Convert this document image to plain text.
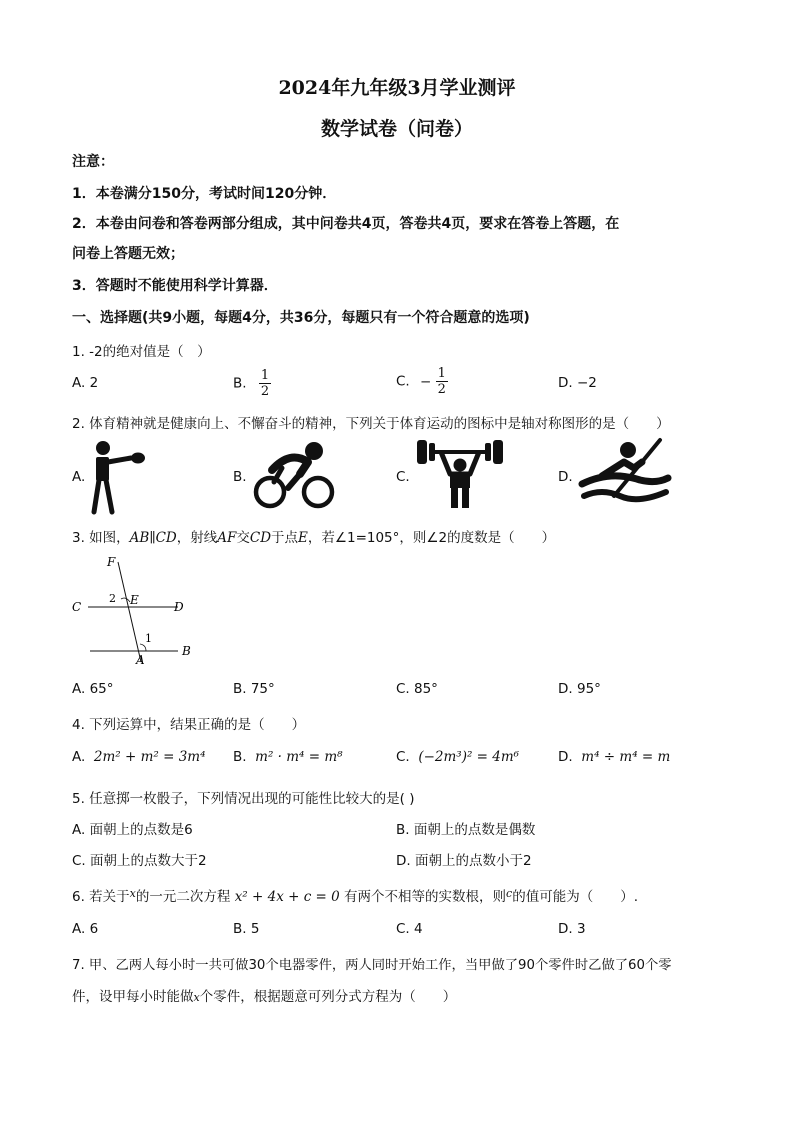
2024年九年级3月学业测评
数学试卷（问卷）
注意：
1．本卷满分150分，考试时间120分钟．
2．本卷由问卷和答卷两部分组成，其中问卷共4页，答卷共4页，要求在答卷上答题，在
问卷上答题无效；
3．答题时不能使用科学计算器．
一、选择题(共9小题，每题4分，共36分，每题只有一个符合题意的选项)
1. -2的绝对值是（　）
A. 2	B. $\frac{1}{2}$	C. − $\frac{1}{2}$	D. −2
2. 体育精神就是健康向上、不懈奋斗的精神，下列关于体育运动的图标中是轴对称图形的是（　　）
A.	B.	C.	D.
3. 如图，AB∥CD，射线AF交CD于点E，若∠1=105°，则∠2的度数是（　　）
F
E
C	D
A
B
1
2
A. 65°	B. 75°	C. 85°	D. 95°
4. 下列运算中，结果正确的是（　　）
A. 2m² + m² = 3m⁴ B. m² · m⁴ = m⁸	C. (−2m³)² = 4m⁶	D. m⁴ ÷ m⁴ = m
5. 任意掷一枚骰子，下列情况出现的可能性比较大的是( )
A. 面朝上的点数是6	B. 面朝上的点数是偶数
C. 面朝上的点数大于2	D. 面朝上的点数小于2
6. 若关于$^x$的一元二次方程 x² + 4x + c = 0 有两个不相等的实数根，则$^c$的值可能为（　　）.
A. 6	B. 5	C. 4	D. 3
7. 甲、乙两人每小时一共可做30个电器零件，两人同时开始工作，当甲做了90个零件时乙做了60个零
件，设甲每小时能做x个零件，根据题意可列分式方程为（　　）
